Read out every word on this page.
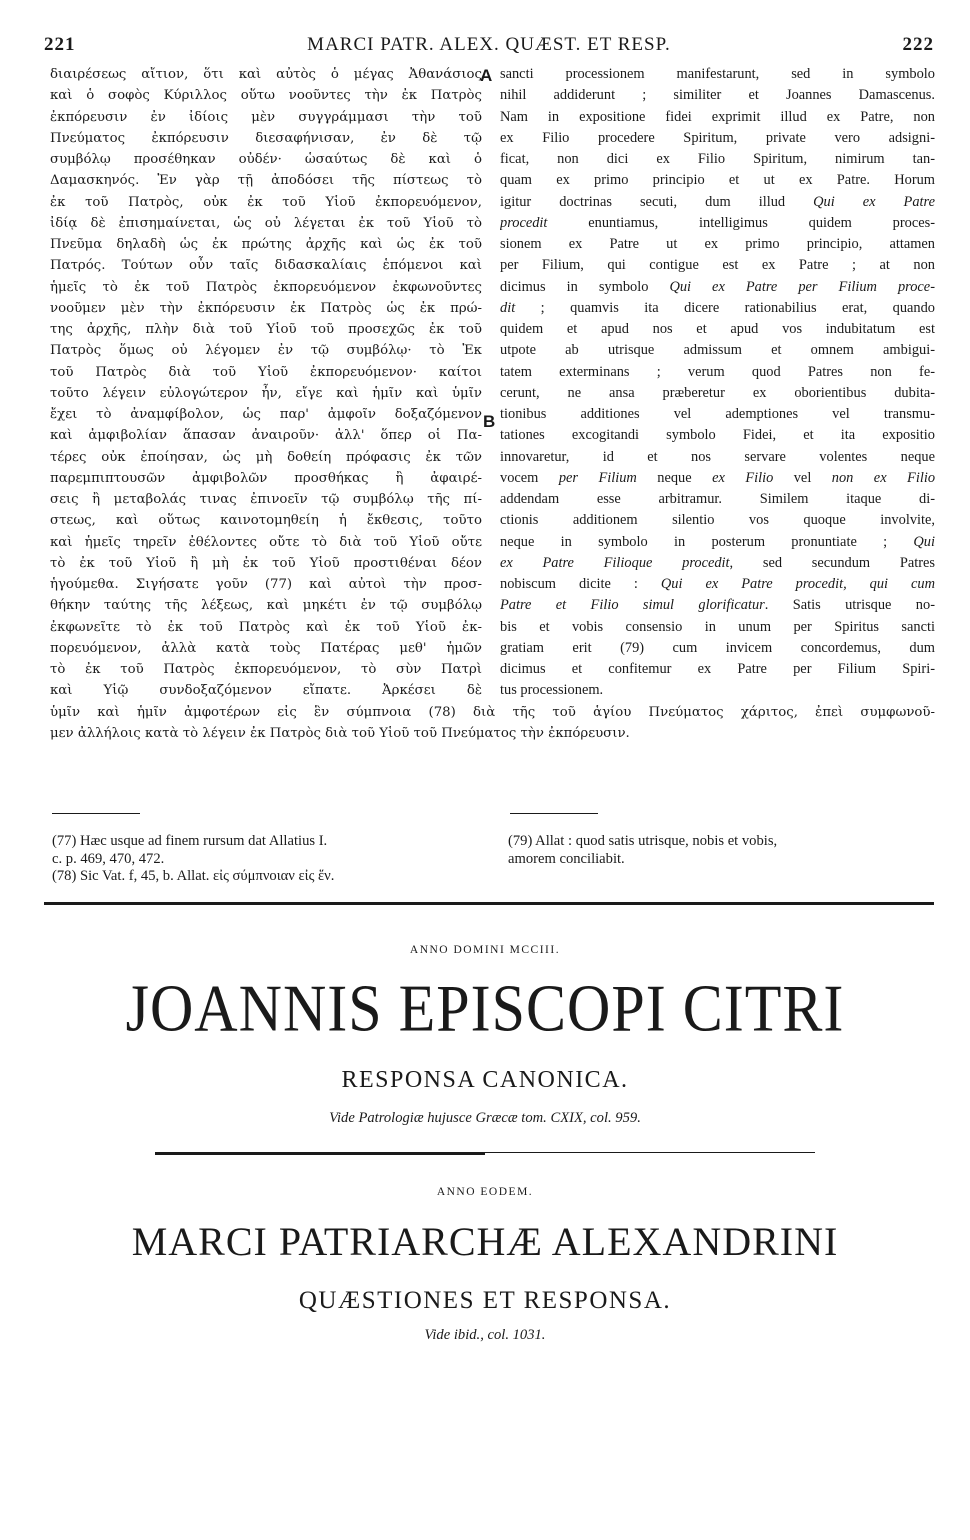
221	MARCI PATR. ALEX. QUÆST. ET RESP.	222
διαιρέσεως αἴτιον, ὅτι καὶ αὐτὸς ὁ μέγας Ἀθανάσιος
καὶ ὁ σοφὸς Κύριλλος οὕτω νοοῦντες τὴν ἐκ Πατρὸς
ἐκπόρευσιν ἐν ἰδίοις μὲν συγγράμμασι τὴν τοῦ
Πνεύματος ἐκπόρευσιν διεσαφήνισαν, ἐν δὲ τῷ
συμβόλῳ προσέθηκαν οὐδέν· ὡσαύτως δὲ καὶ ὁ
Δαμασκηνός. Ἐν γὰρ τῇ ἀποδόσει τῆς πίστεως τὸ
ἐκ τοῦ Πατρὸς, οὐκ ἐκ τοῦ Υἱοῦ ἐκπορευόμενον,
ἰδίᾳ δὲ ἐπισημαίνεται, ὡς οὐ λέγεται ἐκ τοῦ Υἱοῦ τὸ
Πνεῦμα δηλαδὴ ὡς ἐκ πρώτης ἀρχῆς καὶ ὡς ἐκ τοῦ
Πατρός. Τούτων οὖν ταῖς διδασκαλίαις ἑπόμενοι καὶ
ἡμεῖς τὸ ἐκ τοῦ Πατρὸς ἐκπορευόμενον ἐκφωνοῦντες
νοοῦμεν μὲν τὴν ἐκπόρευσιν ἐκ Πατρὸς ὡς ἐκ πρώ-
της ἀρχῆς, πλὴν διὰ τοῦ Υἱοῦ τοῦ προσεχῶς ἐκ τοῦ
Πατρὸς ὅμως οὐ λέγομεν ἐν τῷ συμβόλῳ· τὸ Ἐκ
τοῦ Πατρὸς διὰ τοῦ Υἱοῦ ἐκπορευόμενον· καίτοι
τοῦτο λέγειν εὐλογώτερον ἦν, εἴγε καὶ ἡμῖν καὶ ὑμῖν
ἔχει τὸ ἀναμφίβολον, ὡς παρ' ἀμφοῖν δοξαζόμενον
καὶ ἀμφιβολίαν ἅπασαν ἀναιροῦν· ἀλλ' ὅπερ οἱ Πα-
τέρες οὐκ ἐποίησαν, ὡς μὴ δοθείη πρόφασις ἐκ τῶν
παρεμπιπτουσῶν ἀμφιβολῶν προσθήκας ἢ ἀφαιρέ-
σεις ἢ μεταβολάς τινας ἐπινοεῖν τῷ συμβόλῳ τῆς πί-
στεως, καὶ οὕτως καινοτομηθείη ἡ ἔκθεσις, τοῦτο
καὶ ἡμεῖς τηρεῖν ἐθέλοντες οὔτε τὸ διὰ τοῦ Υἱοῦ οὔτε
τὸ ἐκ τοῦ Υἱοῦ ἢ μὴ ἐκ τοῦ Υἱοῦ προστιθέναι δέον
ἡγούμεθα. Σιγήσατε γοῦν (77) καὶ αὐτοὶ τὴν προσ-
θήκην ταύτης τῆς λέξεως, καὶ μηκέτι ἐν τῷ συμβόλῳ
ἐκφωνεῖτε τὸ ἐκ τοῦ Πατρὸς καὶ ἐκ τοῦ Υἱοῦ ἐκ-
πορευόμενον, ἀλλὰ κατὰ τοὺς Πατέρας μεθ' ἡμῶν
τὸ ἐκ τοῦ Πατρὸς ἐκπορευόμενον, τὸ σὺν Πατρὶ
καὶ Υἱῷ συνδοξαζόμενον εἴπατε. Ἀρκέσει δὲ
sancti processionem manifestarunt, sed in symbolo
nihil addiderunt ; similiter et Joannes Damascenus.
Nam in expositione fidei exprimit illud ex Patre, non
ex Filio procedere Spiritum, private vero adsigni-
ficat, non dici ex Filio Spiritum, nimirum tan-
quam ex primo principio et ut ex Patre. Horum
igitur doctrinas secuti, dum illud Qui ex Patre
procedit enuntiamus, intelligimus quidem proces-
sionem ex Patre ut ex primo principio, attamen
per Filium, qui contigue est ex Patre ; at non
dicimus in symbolo Qui ex Patre per Filium proce-
dit ; quamvis ita dicere rationabilius erat, quando
quidem et apud nos et apud vos indubitatum est
utpote ab utrisque admissum et omnem ambigui-
tatem exterminans ; verum quod Patres non fe-
cerunt, ne ansa præberetur ex oborientibus dubita-
tionibus additiones vel ademptiones vel transmu-
tationes excogitandi symbolo Fidei, et ita expositio
innovaretur, id et nos servare volentes neque
vocem per Filium neque ex Filio vel non ex Filio
addendam esse arbitramur. Similem itaque di-
ctionis additionem silentio vos quoque involvite,
neque in symbolo in posterum pronuntiate ; Qui
ex Patre Filioque procedit, sed secundum Patres
nobiscum dicite : Qui ex Patre procedit, qui cum
Patre et Filio simul glorificatur. Satis utrisque no-
bis et vobis consensio in unum per Spiritus sancti
gratiam erit (79) cum invicem concordemus, dum
dicimus et confitemur ex Patre per Filium Spiri-
tus processionem.
A
B
ὑμῖν καὶ ἡμῖν ἀμφοτέρων εἰς ἓν σύμπνοια (78) διὰ τῆς τοῦ ἁγίου Πνεύματος χάριτος, ἐπεὶ συμφωνοῦ-
μεν ἀλλήλοις κατὰ τὸ λέγειν ἐκ Πατρὸς διὰ τοῦ Υἱοῦ τοῦ Πνεύματος τὴν ἐκπόρευσιν.
(77) Hæc usque ad finem rursum dat Allatius I.
c. p. 469, 470, 472.
(78) Sic Vat. f, 45, b. Allat. εἰς σύμπνοιαν εἰς ἕν.
(79) Allat : quod satis utrisque, nobis et vobis,
amorem conciliabit.
ANNO DOMINI MCCIII.
JOANNIS EPISCOPI CITRI
RESPONSA CANONICA.
Vide Patrologiæ hujusce Græcæ tom. CXIX, col. 959.
ANNO EODEM.
MARCI PATRIARCHÆ ALEXANDRINI
QUÆSTIONES ET RESPONSA.
Vide ibid., col. 1031.
